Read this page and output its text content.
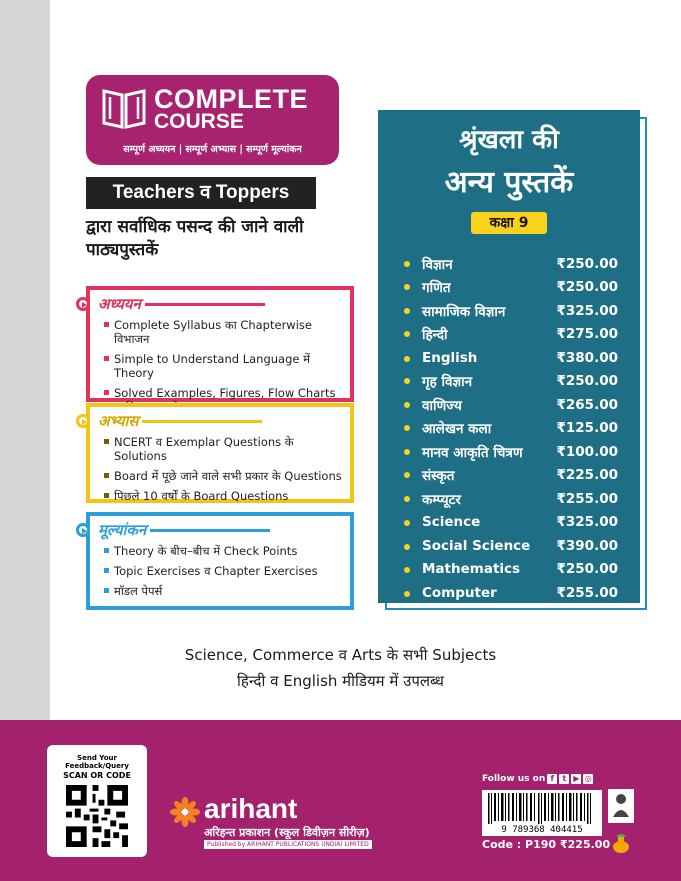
COMPLETE
COURSE
सम्पूर्ण अध्ययन | सम्पूर्ण अभ्यास | सम्पूर्ण मूल्यांकन
Teachers व Toppers
द्वारा सर्वाधिक पसन्द की जाने वाली पाठ्यपुस्तकें
अध्ययन
Complete Syllabus का Chapterwise विभाजन
Simple to Understand Language में Theory
Solved Examples, Figures, Flow Charts
अभ्यास
NCERT व Exemplar Questions के Solutions
Board में पूछे जाने वाले सभी प्रकार के Questions
पिछले 10 वर्षों के Board Questions
मूल्यांकन
Theory के बीच–बीच में Check Points
Topic Exercises व Chapter Exercises
मॉडल पेपर्स
श्रृंखला की
अन्य पुस्तकें
कक्षा 9
विज्ञान	₹250.00
गणित	₹250.00
सामाजिक विज्ञान	₹325.00
हिन्दी	₹275.00
English	₹380.00
गृह विज्ञान	₹250.00
वाणिज्य	₹265.00
आलेखन कला	₹125.00
मानव आकृति चित्रण	₹100.00
संस्कृत	₹225.00
कम्प्यूटर	₹255.00
Science	₹325.00
Social Science ₹390.00
Mathematics	₹250.00
Computer	₹255.00
Science, Commerce व Arts के सभी Subjects
हिन्दी व English मीडियम में उपलब्ध
Send Your Feedback/Query
SCAN OR CODE
arihant
अरिहन्त प्रकाशन (स्कूल डिवीज़न सीरीज़)
Published by ARIHANT PUBLICATIONS (INDIA) LIMITED
Follow us on f	t ▶ ◎
9 789368 404415
Code : P190 ₹225.00
